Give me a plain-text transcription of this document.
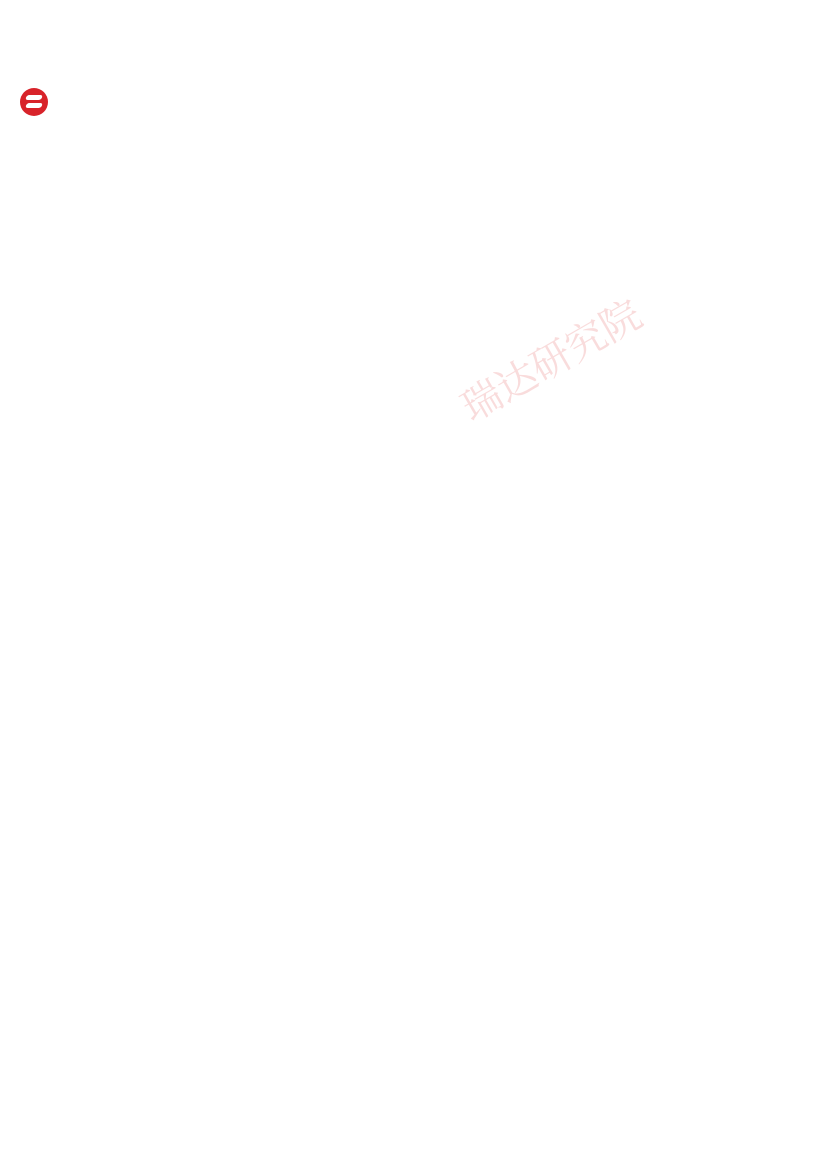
瑞达研究院
